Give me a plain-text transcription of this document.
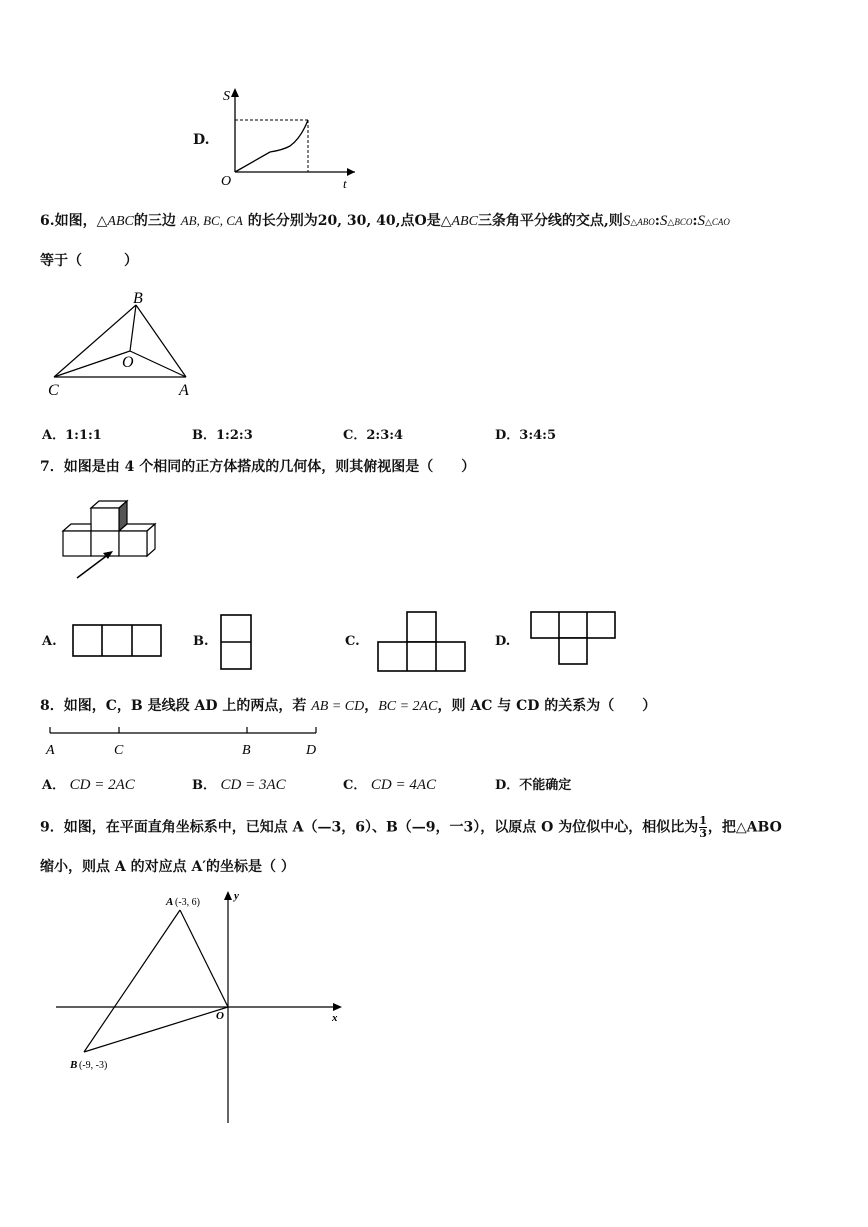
D.
S
t
O
6.如图，△ABC的三边 AB, BC, CA 的长分别为20, 30, 40,点O是△ABC三条角平分线的交点,则S△ABO:S△BCO:S△CAO
等于（　　　）
B
O
C	A
A．1:1:1	B．1:2:3	C．2:3:4	D．3:4:5
7．如图是由 4 个相同的正方体搭成的几何体，则其俯视图是（　　）
A.	B.	C.	D.
8．如图，C，B 是线段 AD 上的两点，若 AB = CD，BC = 2AC，则 AC 与 CD 的关系为（　　）
A	C	B	D
A． CD = 2AC	B． CD = 3AC	C． CD = 4AC	D．不能确定
9．如图，在平面直角坐标系中，已知点 A（—3，6）、B（—9，一3），以原点 O 为位似中心，相似比为 $\frac{1}{3}$ ，把△ABO
缩小，则点 A 的对应点 A′的坐标是（ ）
A (-3, 6)
B (-9, -3)
O	x
y
